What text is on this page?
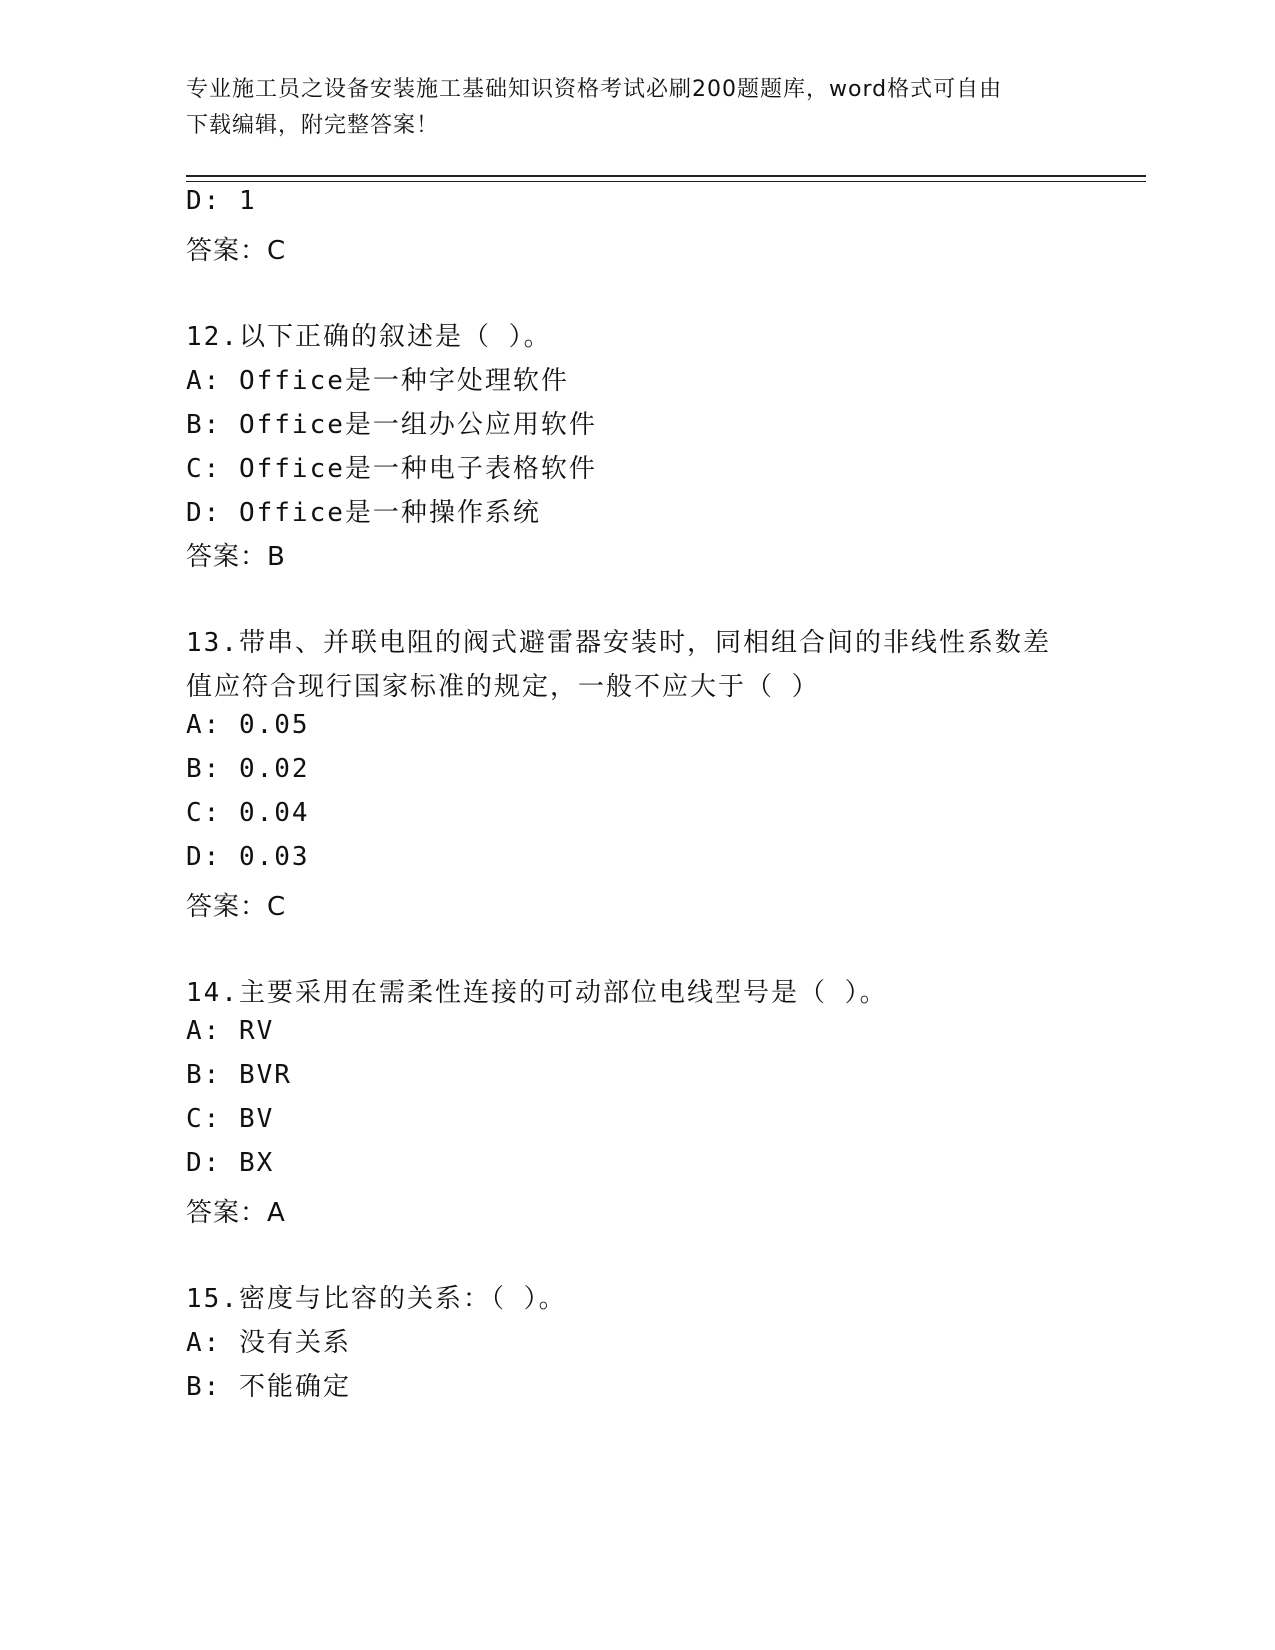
专业施工员之设备安装施工基础知识资格考试必刷200题题库，word格式可自由
下载编辑，附完整答案！
D: 1
答案：C
12.以下正确的叙述是（ ）。
A: Office是一种字处理软件
B: Office是一组办公应用软件
C: Office是一种电子表格软件
D: Office是一种操作系统
答案：B
13.带串、并联电阻的阀式避雷器安装时，同相组合间的非线性系数差
值应符合现行国家标准的规定，一般不应大于（ ）
A: 0.05
B: 0.02
C: 0.04
D: 0.03
答案：C
14.主要采用在需柔性连接的可动部位电线型号是（ ）。
A: RV
B: BVR
C: BV
D: BX
答案：A
15.密度与比容的关系：（ ）。
A: 没有关系
B: 不能确定
